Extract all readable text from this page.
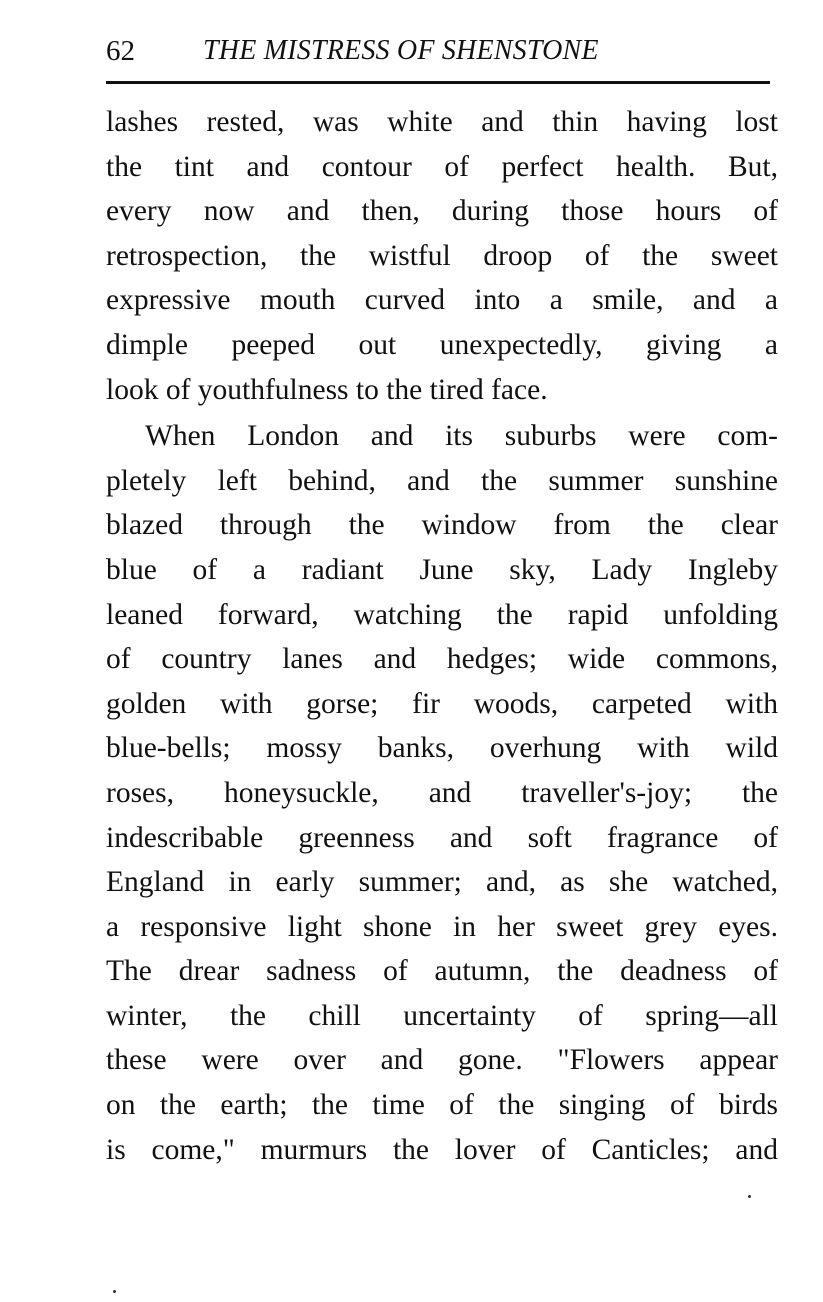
62 THE MISTRESS OF SHENSTONE
lashes rested, was white and thin having lost
the tint and contour of perfect health. But,
every now and then, during those hours of
retrospection, the wistful droop of the sweet
expressive mouth curved into a smile, and a
dimple peeped out unexpectedly, giving a
look of youthfulness to the tired face.
When London and its suburbs were com-
pletely left behind, and the summer sunshine
blazed through the window from the clear
blue of a radiant June sky, Lady Ingleby
leaned forward, watching the rapid unfolding
of country lanes and hedges; wide commons,
golden with gorse; fir woods, carpeted with
blue-bells; mossy banks, overhung with wild
roses, honeysuckle, and traveller's-joy; the
indescribable greenness and soft fragrance of
England in early summer; and, as she watched,
a responsive light shone in her sweet grey eyes.
The drear sadness of autumn, the deadness of
winter, the chill uncertainty of spring—all
these were over and gone. "Flowers appear
on the earth; the time of the singing of birds
is come," murmurs the lover of Canticles; and
